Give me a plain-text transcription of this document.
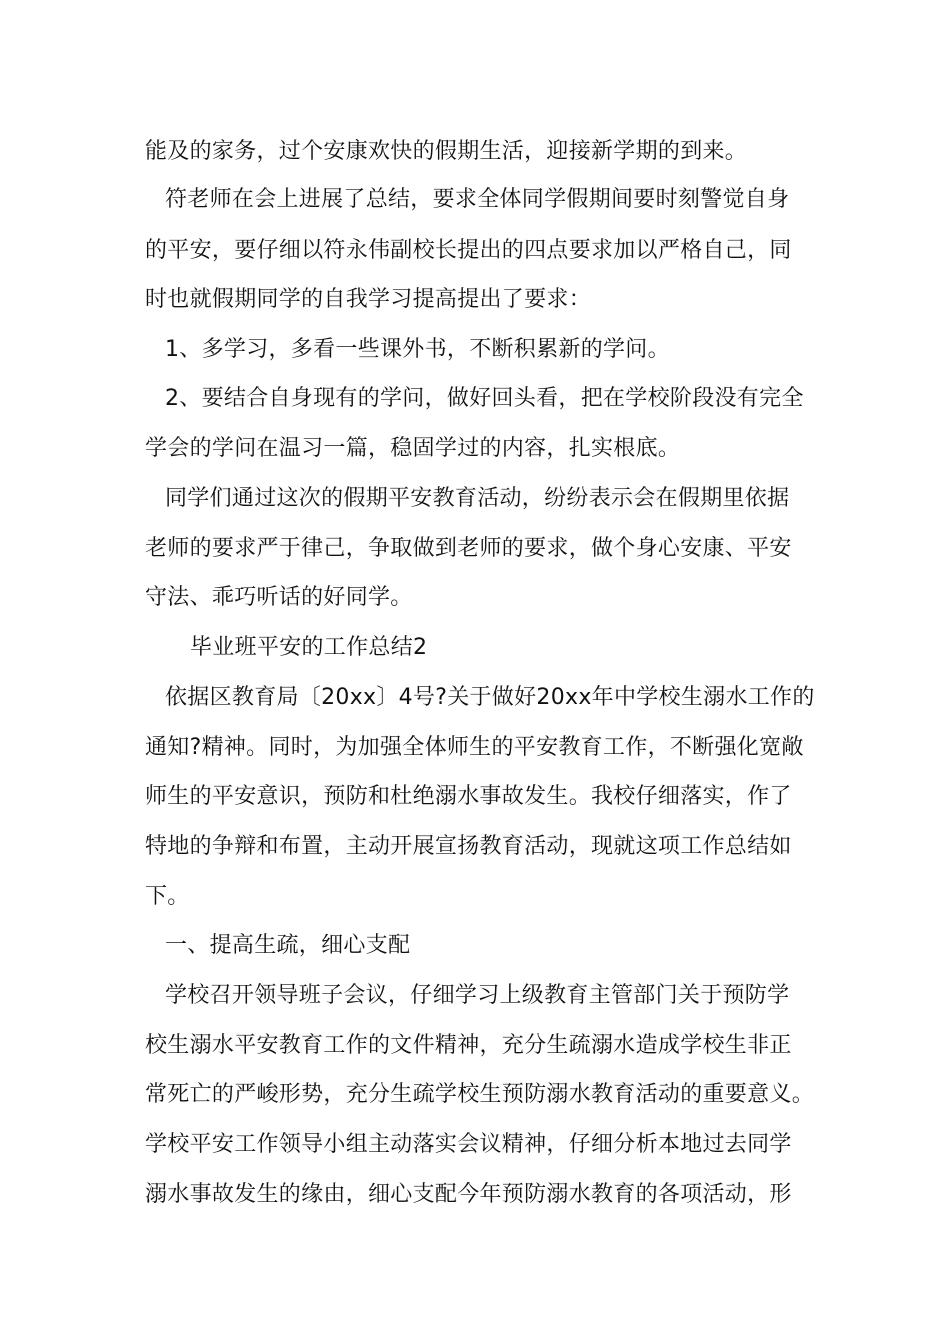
能及的家务，过个安康欢快的假期生活，迎接新学期的到来。
符老师在会上进展了总结，要求全体同学假期间要时刻警觉自身
的平安，要仔细以符永伟副校长提出的四点要求加以严格自己，同
时也就假期同学的自我学习提高提出了要求：
1、多学习，多看一些课外书，不断积累新的学问。
2、要结合自身现有的学问，做好回头看，把在学校阶段没有完全
学会的学问在温习一篇，稳固学过的内容，扎实根底。
同学们通过这次的假期平安教育活动，纷纷表示会在假期里依据
老师的要求严于律己，争取做到老师的要求，做个身心安康、平安
守法、乖巧听话的好同学。
毕业班平安的工作总结2
依据区教育局〔20xx〕4号?关于做好20xx年中学校生溺水工作的
通知?精神。同时，为加强全体师生的平安教育工作，不断强化宽敞
师生的平安意识，预防和杜绝溺水事故发生。我校仔细落实，作了
特地的争辩和布置，主动开展宣扬教育活动，现就这项工作总结如
下。
一、提高生疏，细心支配
学校召开领导班子会议，仔细学习上级教育主管部门关于预防学
校生溺水平安教育工作的文件精神，充分生疏溺水造成学校生非正
常死亡的严峻形势，充分生疏学校生预防溺水教育活动的重要意义。
学校平安工作领导小组主动落实会议精神，仔细分析本地过去同学
溺水事故发生的缘由，细心支配今年预防溺水教育的各项活动，形
